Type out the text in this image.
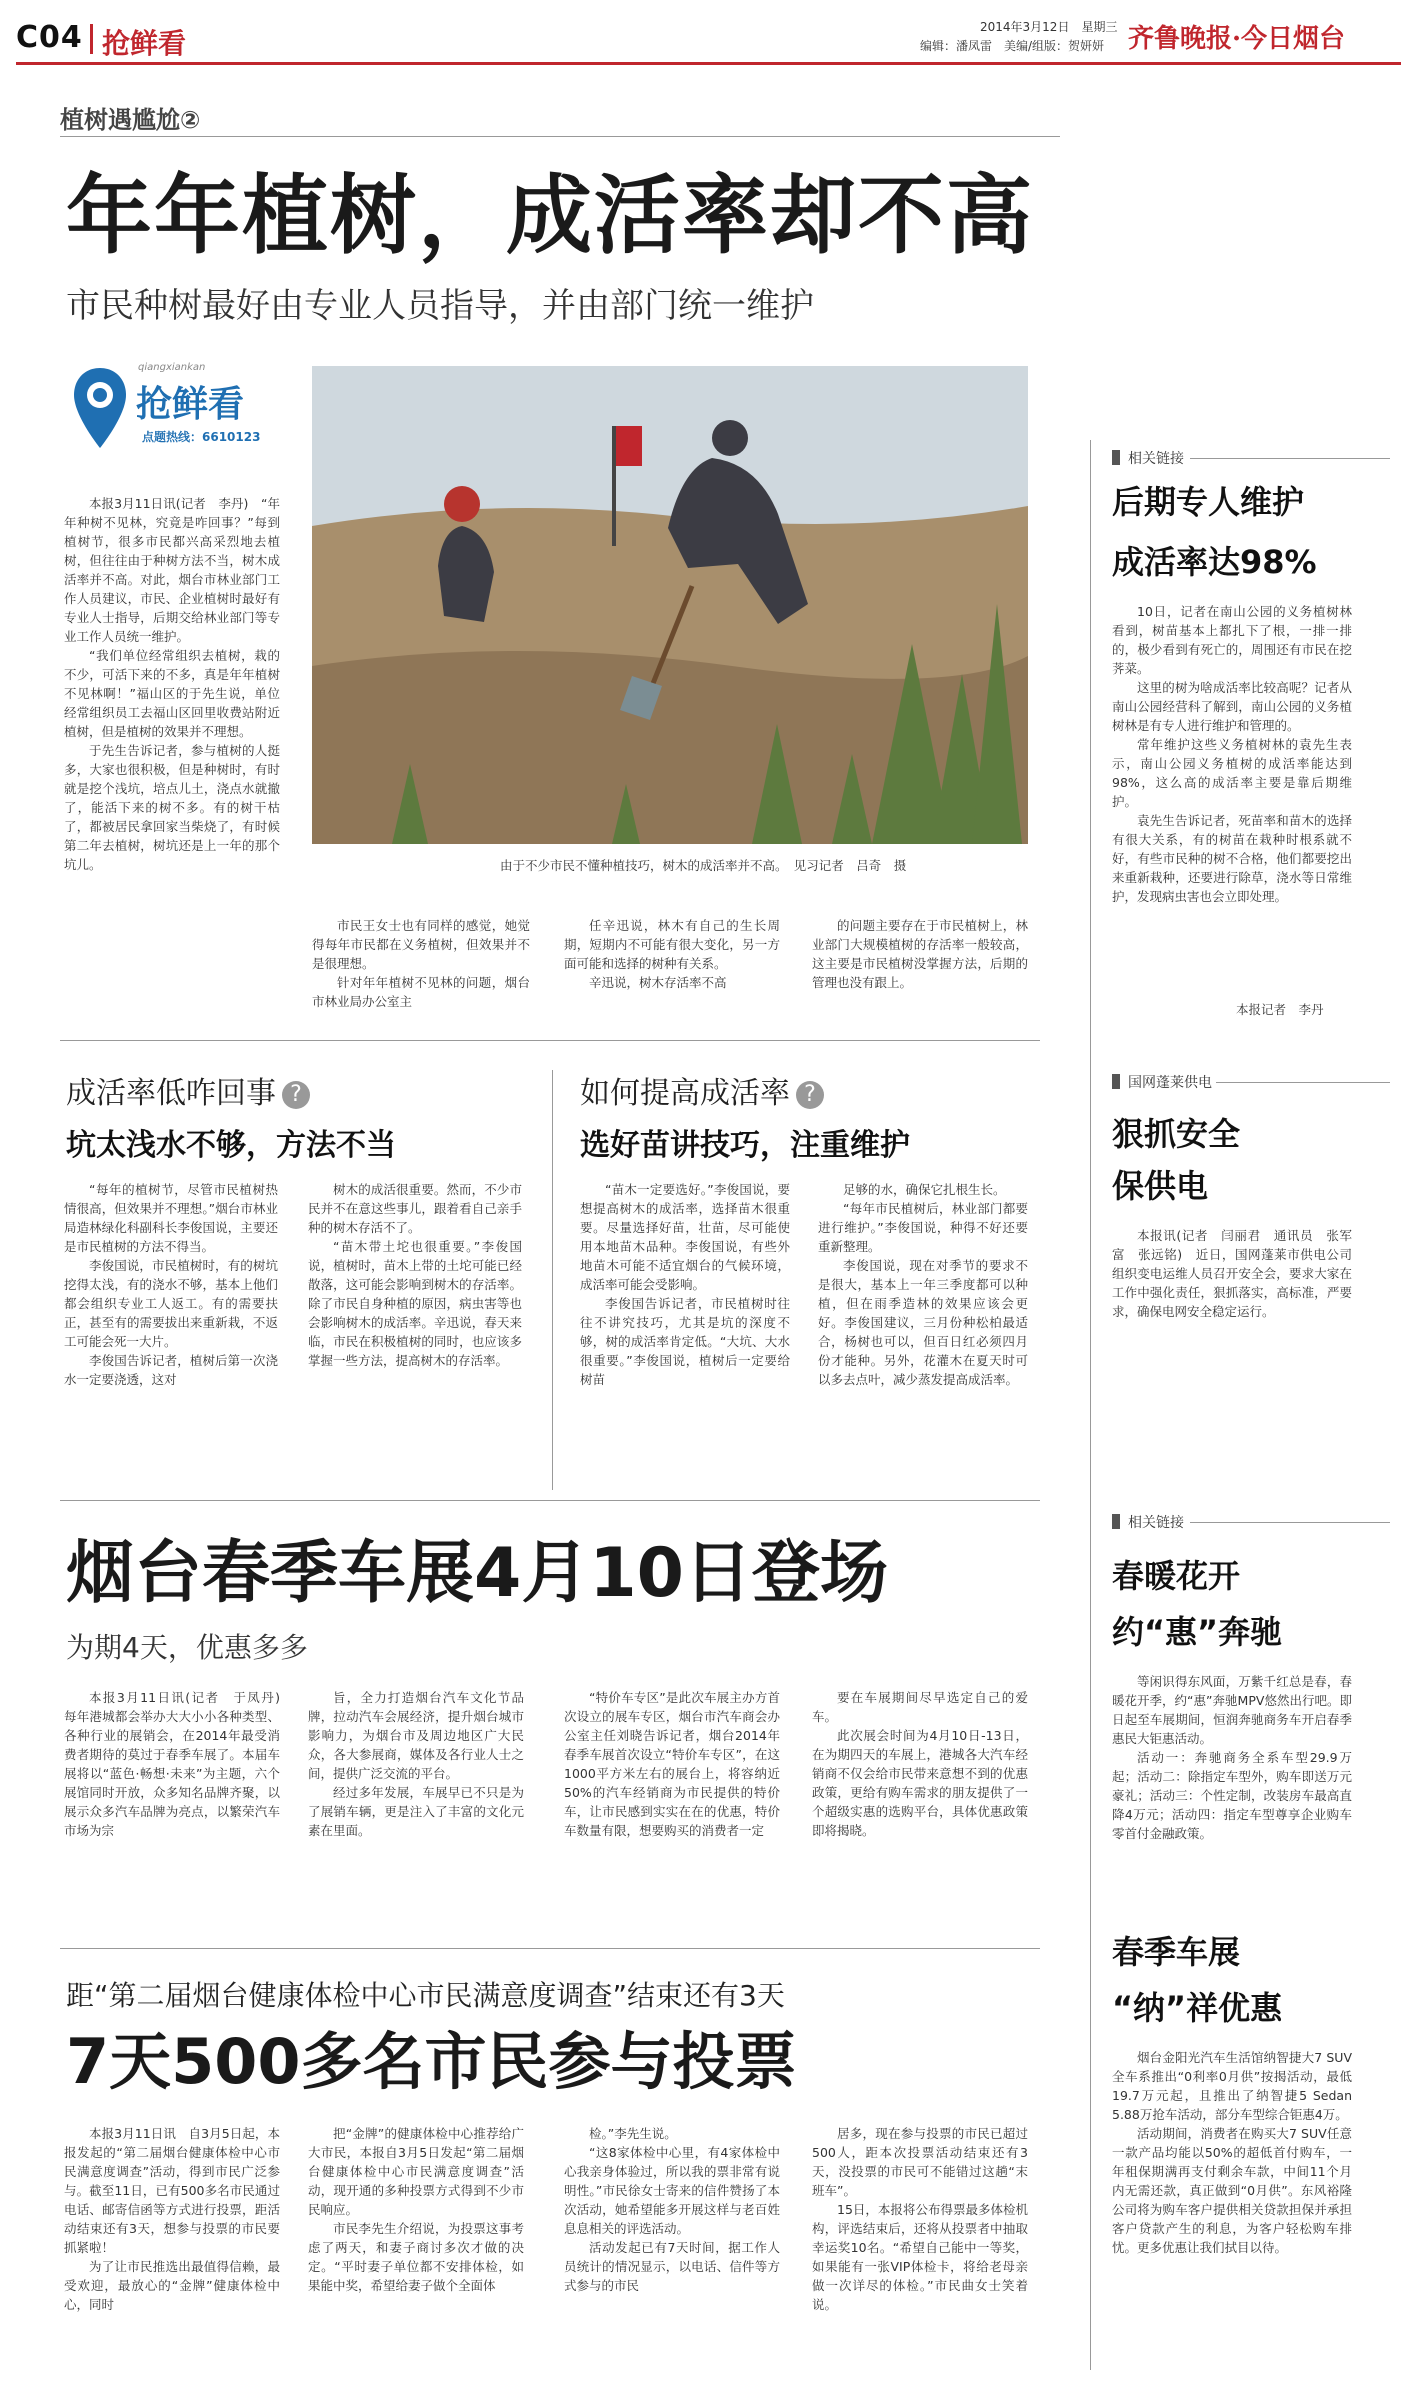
C04 抢鲜看	2014年3月12日　星期三
编辑：潘凤雷　美编/组版：贺妍妍 齐鲁晚报·今日烟台
植树遇尴尬②
年年植树，成活率却不高
市民种树最好由专业人员指导，并由部门统一维护
qiangxiankan
抢鲜看
点题热线：6610123

本报3月11日讯(记者　李丹)　“年年种树不见林，究竟是咋回事？”每到植树节，很多市民都兴高采烈地去植树，但往往由于种树方法不当，树木成活率并不高。对此，烟台市林业部门工作人员建议，市民、企业植树时最好有专业人士指导，后期交给林业部门等专业工作人员统一维护。

“我们单位经常组织去植树，栽的不少，可活下来的不多，真是年年植树不见林啊！”福山区的于先生说，单位经常组织员工去福山区回里收费站附近植树，但是植树的效果并不理想。

于先生告诉记者，参与植树的人挺多，大家也很积极，但是种树时，有时就是挖个浅坑，培点儿土，浇点水就撤了，能活下来的树不多。有的树干枯了，都被居民拿回家当柴烧了，有时候第二年去植树，树坑还是上一年的那个坑儿。	由于不少市民不懂种植技巧，树木的成活率并不高。　见习记者　吕奇　摄

市民王女士也有同样的感觉，她觉得每年市民都在义务植树，但效果并不是很理想。

针对年年植树不见林的问题，烟台市林业局办公室主

任辛迅说，林木有自己的生长周期，短期内不可能有很大变化，另一方面可能和选择的树种有关系。

辛迅说，树木存活率不高

的问题主要存在于市民植树上，林业部门大规模植树的存活率一般较高，这主要是市民植树没掌握方法，后期的管理也没有跟上。

成活率低咋回事 ?
坑太浅水不够，方法不当

“每年的植树节，尽管市民植树热情很高，但效果并不理想。”烟台市林业局造林绿化科副科长李俊国说，主要还是市民植树的方法不得当。

李俊国说，市民植树时，有的树坑挖得太浅，有的浇水不够，基本上他们都会组织专业工人返工。有的需要扶正，甚至有的需要拔出来重新栽，不返工可能会死一大片。

李俊国告诉记者，植树后第一次浇水一定要浇透，这对

树木的成活很重要。然而，不少市民并不在意这些事儿，跟着看自己亲手种的树木存活不了。

“苗木带土坨也很重要。”李俊国说，植树时，苗木上带的土坨可能已经散落，这可能会影响到树木的存活率。除了市民自身种植的原因，病虫害等也会影响树木的成活率。辛迅说，春天来临，市民在积极植树的同时，也应该多掌握一些方法，提高树木的存活率。

如何提高成活率 ?
选好苗讲技巧，注重维护

“苗木一定要选好。”李俊国说，要想提高树木的成活率，选择苗木很重要。尽量选择好苗，壮苗，尽可能使用本地苗木品种。李俊国说，有些外地苗木可能不适宜烟台的气候环境，成活率可能会受影响。

李俊国告诉记者，市民植树时往往不讲究技巧，尤其是坑的深度不够，树的成活率肯定低。“大坑、大水很重要。”李俊国说，植树后一定要给树苗

足够的水，确保它扎根生长。

“每年市民植树后，林业部门都要进行维护。”李俊国说，种得不好还要重新整理。

李俊国说，现在对季节的要求不是很大，基本上一年三季度都可以种植，但在雨季造林的效果应该会更好。李俊国建议，三月份种松柏最适合，杨树也可以，但百日红必须四月份才能种。另外，花灌木在夏天时可以多去点叶，减少蒸发提高成活率。

相关链接
后期专人维护
成活率达98%

10日，记者在南山公园的义务植树林看到，树苗基本上都扎下了根，一排一排的，极少看到有死亡的，周围还有市民在挖荠菜。

这里的树为啥成活率比较高呢？记者从南山公园经营科了解到，南山公园的义务植树林是有专人进行维护和管理的。

常年维护这些义务植树林的袁先生表示，南山公园义务植树的成活率能达到98%，这么高的成活率主要是靠后期维护。

袁先生告诉记者，死苗率和苗木的选择有很大关系，有的树苗在栽种时根系就不好，有些市民种的树不合格，他们都要挖出来重新栽种，还要进行除草，浇水等日常维护，发现病虫害也会立即处理。

本报记者　李丹
国网蓬莱供电
狠抓安全
保供电

本报讯(记者　闫丽君　通讯员　张军富　张远铭)　近日，国网蓬莱市供电公司组织变电运维人员召开安全会，要求大家在工作中强化责任，狠抓落实，高标准，严要求，确保电网安全稳定运行。

相关链接
春暖花开
约“惠”奔驰

等闲识得东风面，万紫千红总是春，春暖花开季，约“惠”奔驰MPV悠然出行吧。即日起至车展期间，恒润奔驰商务车开启春季惠民大钜惠活动。

活动一：奔驰商务全系车型29.9万起；活动二：除指定车型外，购车即送万元豪礼；活动三：个性定制，改装房车最高直降4万元；活动四：指定车型尊享企业购车零首付金融政策。

春季车展
“纳”祥优惠

烟台金阳光汽车生活馆纳智捷大7 SUV全车系推出“0利率0月供”按揭活动，最低19.7万元起，且推出了纳智捷5 Sedan 5.88万抢车活动，部分车型综合钜惠4万。

活动期间，消费者在购买大7 SUV任意一款产品均能以50%的超低首付购车，一年租保期满再支付剩余车款，中间11个月内无需还款，真正做到“0月供”。东风裕隆公司将为购车客户提供相关贷款担保并承担客户贷款产生的利息，为客户轻松购车排忧。更多优惠让我们拭目以待。

烟台春季车展4月10日登场
为期4天，优惠多多

本报3月11日讯(记者　于凤丹)　每年港城都会举办大大小小各种类型、各种行业的展销会，在2014年最受消费者期待的莫过于春季车展了。本届车展将以“蓝色·畅想·未来”为主题，六个展馆同时开放，众多知名品牌齐聚，以展示众多汽车品牌为亮点，以繁荣汽车市场为宗

旨，全力打造烟台汽车文化节品牌，拉动汽车会展经济，提升烟台城市影响力，为烟台市及周边地区广大民众，各大参展商，媒体及各行业人士之间，提供广泛交流的平台。

经过多年发展，车展早已不只是为了展销车辆，更是注入了丰富的文化元素在里面。

“特价车专区”是此次车展主办方首次设立的展车专区，烟台市汽车商会办公室主任刘晓告诉记者，烟台2014年春季车展首次设立“特价车专区”，在这1000平方米左右的展台上，将容纳近50%的汽车经销商为市民提供的特价车，让市民感到实实在在的优惠，特价车数量有限，想要购买的消费者一定

要在车展期间尽早选定自己的爱车。

此次展会时间为4月10日-13日，在为期四天的车展上，港城各大汽车经销商不仅会给市民带来意想不到的优惠政策，更给有购车需求的朋友提供了一个超级实惠的选购平台，具体优惠政策即将揭晓。

距“第二届烟台健康体检中心市民满意度调查”结束还有3天
7天500多名市民参与投票

本报3月11日讯　自3月5日起，本报发起的“第二届烟台健康体检中心市民满意度调查”活动，得到市民广泛参与。截至11日，已有500多名市民通过电话、邮寄信函等方式进行投票，距活动结束还有3天，想参与投票的市民要抓紧啦！

为了让市民推选出最值得信赖，最受欢迎，最放心的“金牌”健康体检中心，同时

把“金牌”的健康体检中心推荐给广大市民，本报自3月5日发起“第二届烟台健康体检中心市民满意度调查”活动，现开通的多种投票方式得到不少市民响应。

市民李先生介绍说，为投票这事考虑了两天，和妻子商讨多次才做的决定。“平时妻子单位都不安排体检，如果能中奖，希望给妻子做个全面体

检。”李先生说。

“这8家体检中心里，有4家体检中心我亲身体验过，所以我的票非常有说明性。”市民徐女士寄来的信件赞扬了本次活动，她希望能多开展这样与老百姓息息相关的评选活动。

活动发起已有7天时间，据工作人员统计的情况显示，以电话、信件等方式参与的市民

居多，现在参与投票的市民已超过500人，距本次投票活动结束还有3天，没投票的市民可不能错过这趟“末班车”。

15日，本报将公布得票最多体检机构，评选结束后，还将从投票者中抽取幸运奖10名。“希望自己能中一等奖，如果能有一张VIP体检卡，将给老母亲做一次详尽的体检。”市民曲女士笑着说。
